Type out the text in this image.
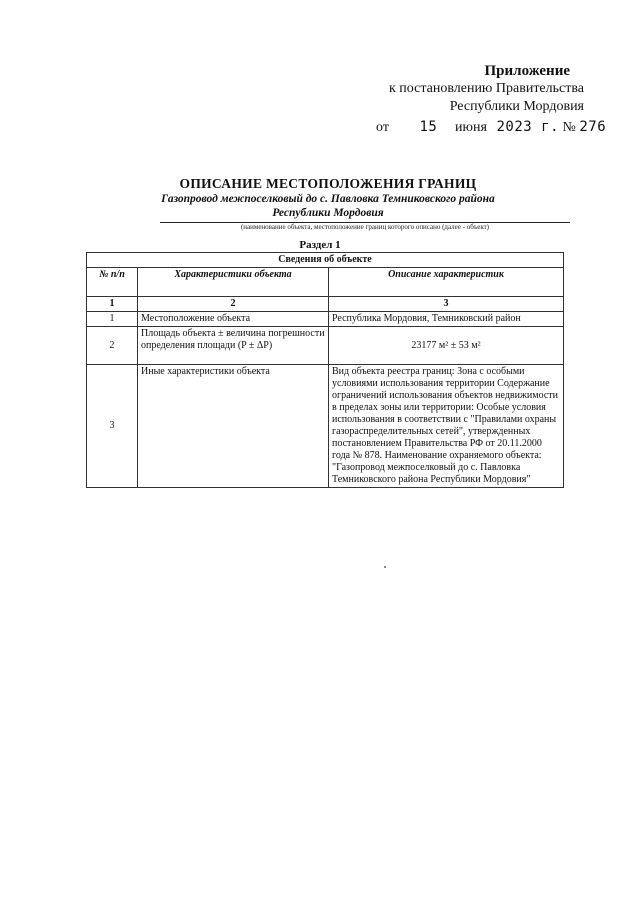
Приложение
к постановлению Правительства
Республики Мордовия
от 15 июня 2023 г. № 276
ОПИСАНИЕ МЕСТОПОЛОЖЕНИЯ ГРАНИЦ
Газопровод межпоселковый до с. Павловка Темниковского района
Республики Мордовия
(наименование объекта, местоположение границ которого описано (далее - объект)
Раздел 1
Сведения об объекте		
№ п/п	Характеристики объекта	Описание характеристик
1	2	3
1	Местоположение объекта	Республика Мордовия, Темниковский район
2	Площадь объекта ± величина погрешности определения площади (P ± ΔP)	23177 м² ± 53 м²
3	Иные характеристики объекта	Вид объекта реестра границ: Зона с особыми условиями использования территории Содержание ограничений использования объектов недвижимости в пределах зоны или территории: Особые условия использования в соответствии с "Правилами охраны газораспределительных сетей", утвержденных постановлением Правительства РФ от 20.11.2000 года № 878. Наименование охраняемого объекта: "Газопровод межпоселковый до с. Павловка Темниковского района Республики Мордовия"
